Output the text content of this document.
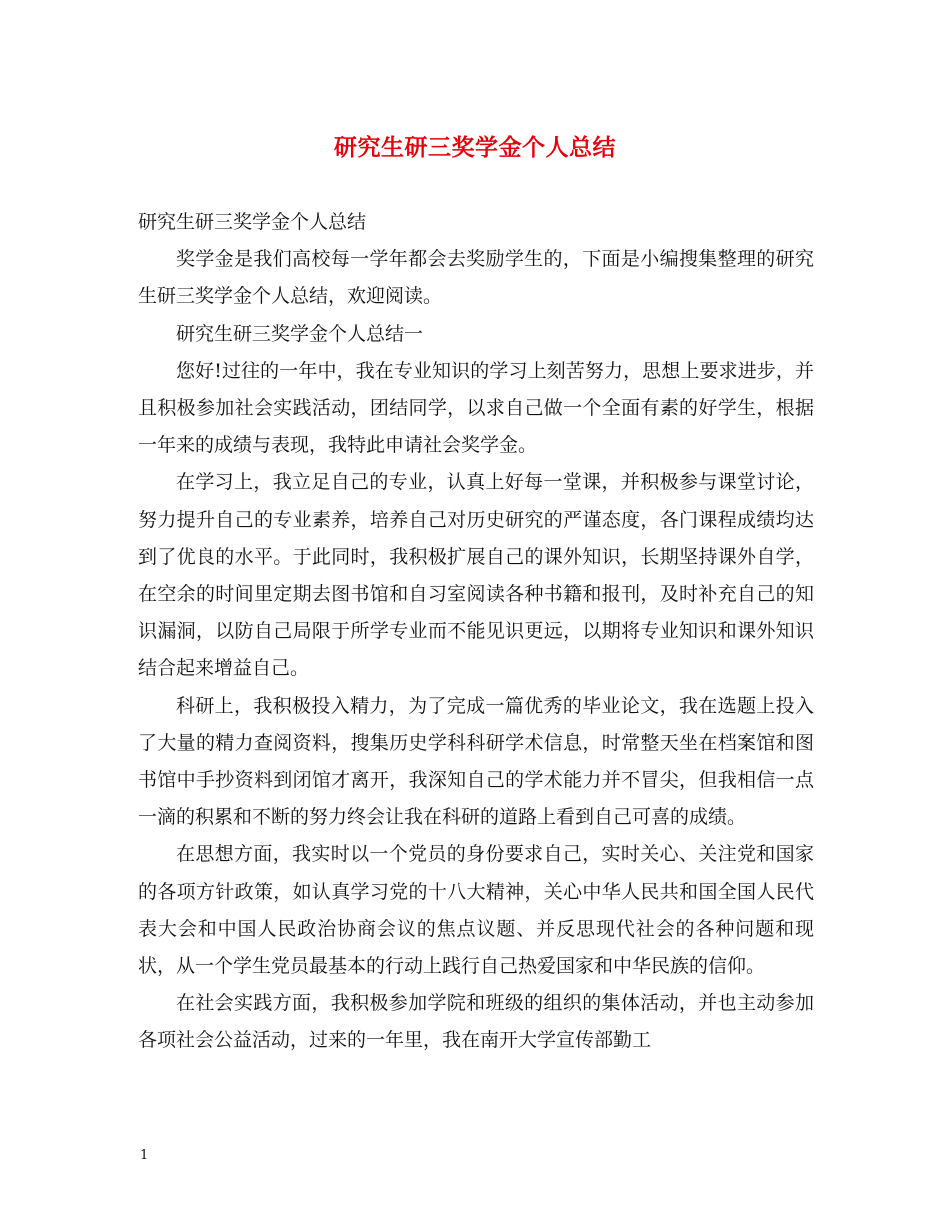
研究生研三奖学金个人总结

研究生研三奖学金个人总结

奖学金是我们高校每一学年都会去奖励学生的，下面是小编搜集整理的研究生研三奖学金个人总结，欢迎阅读。

研究生研三奖学金个人总结一

您好!过往的一年中，我在专业知识的学习上刻苦努力，思想上要求进步，并且积极参加社会实践活动，团结同学，以求自己做一个全面有素的好学生，根据一年来的成绩与表现，我特此申请社会奖学金。

在学习上，我立足自己的专业，认真上好每一堂课，并积极参与课堂讨论，努力提升自己的专业素养，培养自己对历史研究的严谨态度，各门课程成绩均达到了优良的水平。于此同时，我积极扩展自己的课外知识，长期坚持课外自学，在空余的时间里定期去图书馆和自习室阅读各种书籍和报刊，及时补充自己的知识漏洞，以防自己局限于所学专业而不能见识更远，以期将专业知识和课外知识结合起来增益自己。

科研上，我积极投入精力，为了完成一篇优秀的毕业论文，我在选题上投入了大量的精力查阅资料，搜集历史学科科研学术信息，时常整天坐在档案馆和图书馆中手抄资料到闭馆才离开，我深知自己的学术能力并不冒尖，但我相信一点一滴的积累和不断的努力终会让我在科研的道路上看到自己可喜的成绩。

在思想方面，我实时以一个党员的身份要求自己，实时关心、关注党和国家的各项方针政策，如认真学习党的十八大精神，关心中华人民共和国全国人民代表大会和中国人民政治协商会议的焦点议题、并反思现代社会的各种问题和现状，从一个学生党员最基本的行动上践行自己热爱国家和中华民族的信仰。

在社会实践方面，我积极参加学院和班级的组织的集体活动，并也主动参加各项社会公益活动，过来的一年里，我在南开大学宣传部勤工

1
